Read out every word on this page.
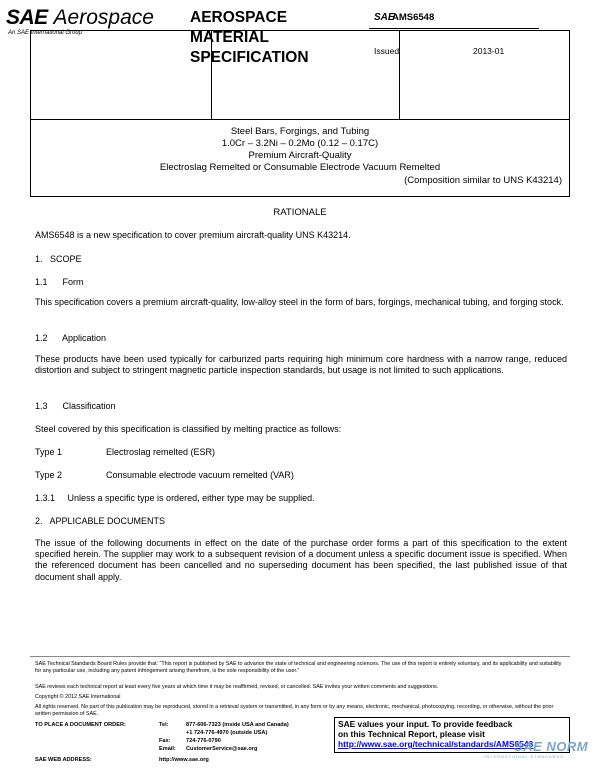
SAE Aerospace
An SAE International Group
AEROSPACE
MATERIAL
SPECIFICATION
SAE
AMS6548
Issued	2013-01
Steel Bars, Forgings, and Tubing
1.0Cr – 3.2Ni – 0.2Mo (0.12 – 0.17C)
Premium Aircraft-Quality
Electroslag Remelted or Consumable Electrode Vacuum Remelted
(Composition similar to UNS K43214)
RATIONALE
AMS6548 is a new specification to cover premium aircraft-quality UNS K43214.
1.   SCOPE
1.1      Form
This specification covers a premium aircraft-quality, low-alloy steel in the form of bars, forgings, mechanical tubing, and forging stock.
1.2      Application
These products have been used typically for carburized parts requiring high minimum core hardness with a narrow range, reduced distortion and subject to stringent magnetic particle inspection standards, but usage is not limited to such applications.
1.3      Classification
Steel covered by this specification is classified by melting practice as follows:
Type 1	Electroslag remelted (ESR)
Type 2	Consumable electrode vacuum remelted (VAR)
1.3.1     Unless a specific type is ordered, either type may be supplied.
2.   APPLICABLE DOCUMENTS
The issue of the following documents in effect on the date of the purchase order forms a part of this specification to the extent specified herein. The supplier may work to a subsequent revision of a document unless a specific document issue is specified. When the referenced document has been cancelled and no superseding document has been specified, the last published issue of that document shall apply.
SAE Technical Standards Board Rules provide that: “This report is published by SAE to advance the state of technical and engineering sciences. The use of this report is entirely voluntary, and its applicability and suitability for any particular use, including any patent infringement arising therefrom, is the sole responsibility of the user.”
SAE reviews each technical report at least every five years at which time it may be reaffirmed, revised, or cancelled. SAE invites your written comments and suggestions.
Copyright © 2012 SAE International
All rights reserved. No part of this publication may be reproduced, stored in a retrieval system or transmitted, in any form or by any means, electronic, mechanical, photocopying, recording, or otherwise, without the prior written permission of SAE.
TO PLACE A DOCUMENT ORDER:	Tel:	877-606-7323 (inside USA and Canada)
+1 724-776-4970 (outside USA)
Fax:	724-776-0790
Email: CustomerService@sae.org
SAE WEB ADDRESS:	http://www.sae.org
SAE values your input. To provide feedback
on this Technical Report, please visit
http://www.sae.org/technical/standards/AMS6548
SAE NORM
INTERNATIONAL STANDARDS
